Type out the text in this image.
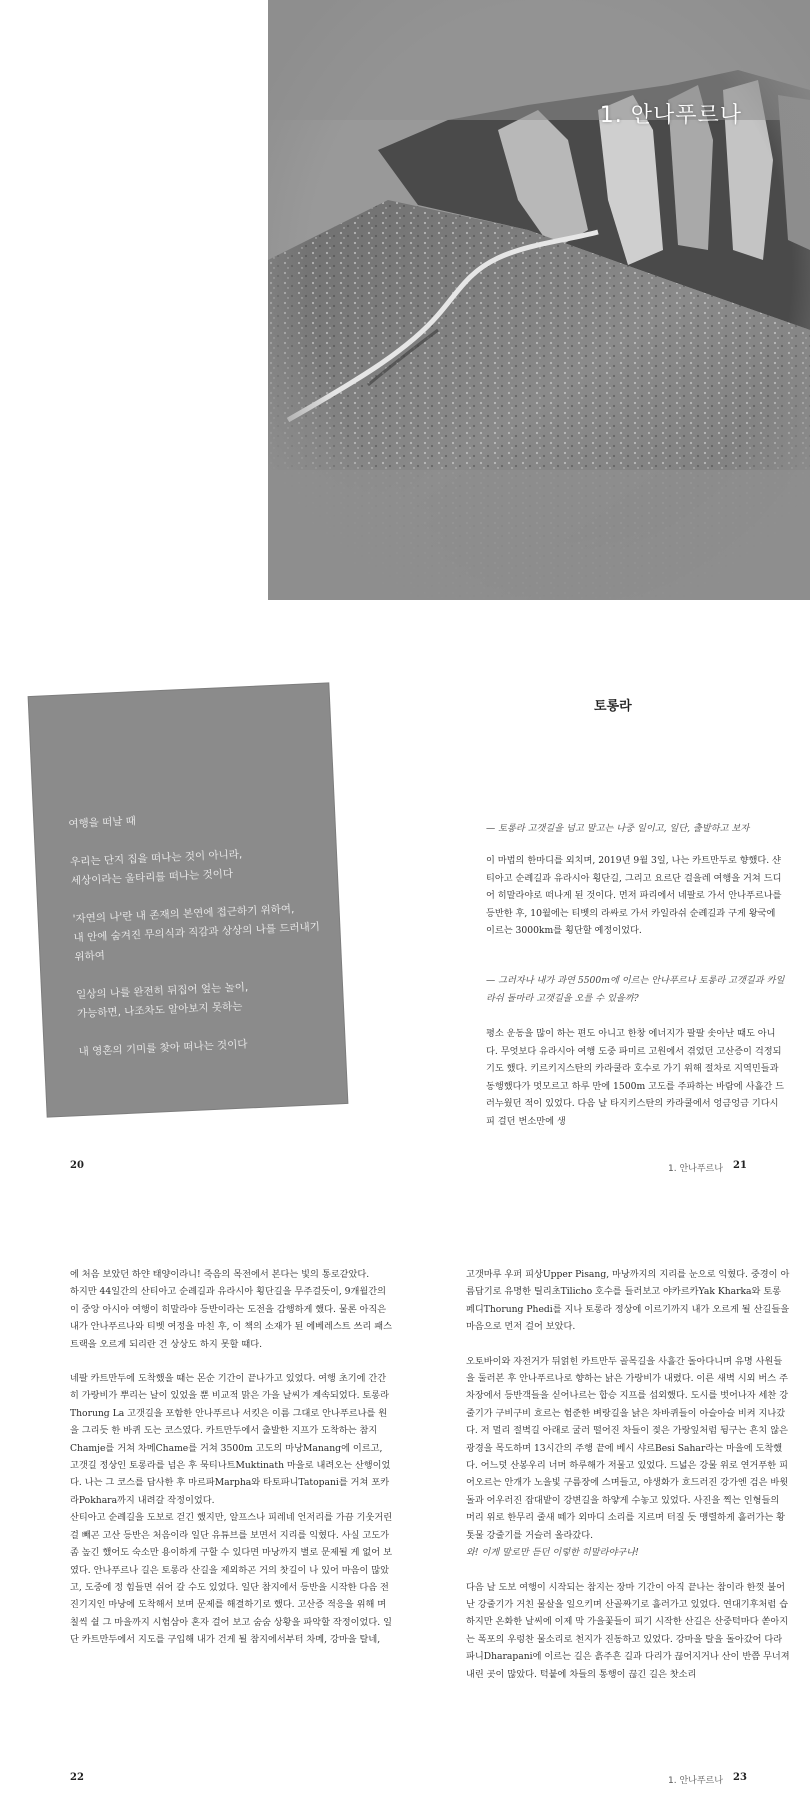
1. 안나푸르나

여행을 떠날 때

우리는 단지 집을 떠나는 것이 아니라,

세상이라는 울타리를 떠나는 것이다

'자연의 나'란 내 존재의 본연에 접근하기 위하여,

내 안에 숨겨진 무의식과 직감과 상상의 나를 드러내기 위하여

일상의 나를 완전히 뒤집어 엎는 놀이,

가능하면, 나조차도 알아보지 못하는

내 영혼의 기미를 찾아 떠나는 것이다

토롱라
— 토롱라 고갯길을 넘고 말고는 나중 일이고, 일단, 출발하고 보자
이 마법의 한마디를 외치며, 2019년 9월 3일, 나는 카트만두로 향했다. 샨티아고 순례길과 유라시아 횡단길, 그리고 요르단 걸을레 여행을 거쳐 드디어 히말라야로 떠나게 된 것이다. 먼저 파리에서 네팔로 가서 안나푸르나를 등반한 후, 10월에는 티벳의 라싸로 가서 카일라쉬 순례길과 구게 왕국에 이르는 3000km를 횡단할 예정이었다.
— 그러자나 내가 과연 5500m에 이르는 안나푸르나 토롱라 고갯길과 카일라쉬 돌마라 고갯길을 오를 수 있을까?
평소 운동을 많이 하는 편도 아니고 한창 에너지가 팔팔 솟아난 때도 아니다. 무엇보다 유라시아 여행 도중 파미르 고원에서 겪었던 고산증이 걱정되기도 했다. 키르키지스탄의 카라쿨라 호수로 가기 위해 절차로 지역민들과 동행했다가 멋모르고 하루 만에 1500m 고도를 주파하는 바람에 사흘간 드러누웠던 적이 있었다. 다음 날 타지키스탄의 카라쿨에서 엉금엉금 기다시피 걸던 번소만에 생
20	1. 안나푸르나 21

에 처음 보았던 하얀 태양이라니! 죽음의 목전에서 본다는 빛의 통로같았다.

하지만 44일간의 산티아고 순례길과 유라시아 횡단길을 무주걸듯이, 9개월간의 이 중앙 아시아 여행이 히말라야 등반이라는 도전을 감행하게 했다. 물론 아직은 내가 안나푸르나와 티벳 여정을 마친 후, 이 책의 소재가 된 에베레스트 쓰리 패스 트랙을 오르게 되리란 건 상상도 하지 못할 때다.

네팔 카트만두에 도착했을 때는 몬순 기간이 끝나가고 있었다. 여행 초기에 간간히 가랑비가 뿌리는 날이 있었을 뿐 비교적 맑은 가을 날씨가 계속되었다. 토롱라Thorung La 고갯길을 포함한 안나푸르나 서킷은 이름 그대로 안나푸르나를 원을 그리듯 한 바퀴 도는 코스였다. 카트만두에서 출발한 지프가 도착하는 참지Chamje를 거쳐 차메Chame를 거쳐 3500m 고도의 마낭Manang에 이르고, 고갯길 정상인 토롱라를 넘은 후 묵티나트Muktinath 마을로 내려오는 산행이었다. 나는 그 코스를 답사한 후 마르파Marpha와 타토파니Tatopani를 거쳐 포카라Pokhara까지 내려갈 작정이었다.

산티아고 순례길을 도보로 걷긴 했지만, 알프스나 피레네 언저리를 가끔 기웃거린 걸 빼곤 고산 등반은 처음이라 일단 유튜브를 보면서 지리를 익혔다. 사실 고도가 좀 높긴 했어도 숙소만 용이하게 구할 수 있다면 마낭까지 별로 문제될 게 없어 보였다. 안나푸르나 길은 토롱라 산길을 제외하곤 거의 찻길이 나 있어 마음이 많았고, 도중에 정 힘들면 쉬어 갈 수도 있었다. 일단 참지에서 등반을 시작한 다음 전진기지인 마낭에 도착해서 보며 문제를 해결하기로 했다. 고산증 적응을 위해 며칠씩 쉴 그 마을까지 시험삼아 혼자 걸어 보고 숨숨 상황을 파악할 작정이었다. 일단 카트만두에서 지도를 구입해 내가 건게 될 참지에서부터 차메, 강마을 탈네,

고갯마루 우퍼 피상Upper Pisang, 마낭까지의 지리를 눈으로 익혔다. 중경이 아름답기로 유명한 틸리초Tilicho 호수를 들러보고 야카르카Yak Kharka와 토롱 페디Thorung Phedi를 지나 토롱라 정상에 이르기까지 내가 오르게 될 산길들을 마음으로 먼저 걸어 보았다.

오토바이와 자전거가 뒤얽힌 카트만두 골목길을 사흘간 돌아다니며 유명 사원들을 둘러본 후 안나푸르나로 향하는 낡은 가랑비가 내렸다. 이른 새벽 시외 버스 주차장에서 등반객들을 싣어나르는 합승 지프를 섭외했다. 도시를 벗어나자 세찬 강줄기가 구비구비 흐르는 험준한 벼랑길을 낡은 차바퀴들이 아슬아슬 비켜 지나갔다. 저 멀리 절벽길 아래로 굴러 떨어진 차들이 젖은 가랑잎처럼 뒹구는 흔치 않은 광경을 목도하며 13시간의 주행 끝에 베시 샤르Besi Sahar라는 마을에 도착했다. 어느덧 산봉우리 너머 하루해가 저물고 있었다. 드넓은 강물 위로 연거푸한 피어오르는 안개가 노을빛 구름장에 스며들고, 야생화가 흐드러진 강가엔 검은 바윗돌과 어우러진 잡대밭이 강변길을 하얗게 수놓고 있었다. 사진을 찍는 인형들의 머리 위로 한무리 줄새 떼가 외마디 소리를 지르며 터질 듯 맹렬하게 흘러가는 황톳물 강줄기를 거슬러 올라갔다.

와! 이게 말로만 듣던 이렇한 히말라야구나!

다음 날 도보 여행이 시작되는 참지는 장마 기간이 아직 끝나는 참이라 한껏 불어난 강줄기가 거친 물살을 일으키며 산골짜기로 흘러가고 있었다. 연대기후처럼 습하지만 온화한 날씨에 이제 막 가을꽃들이 피기 시작한 산길은 산중턱마다 쏟아지는 폭포의 우렁찬 물소리로 천지가 진동하고 있었다. 강마을 탈을 돌아갔어 다라파니Dharapani에 이르는 길은 흙주흔 길과 다리가 끊어지거나 산이 반쯤 무너져 내린 곳이 많았다. 턱붙에 차들의 통행이 끊긴 길은 찻소리

22	1. 안나푸르나 23
